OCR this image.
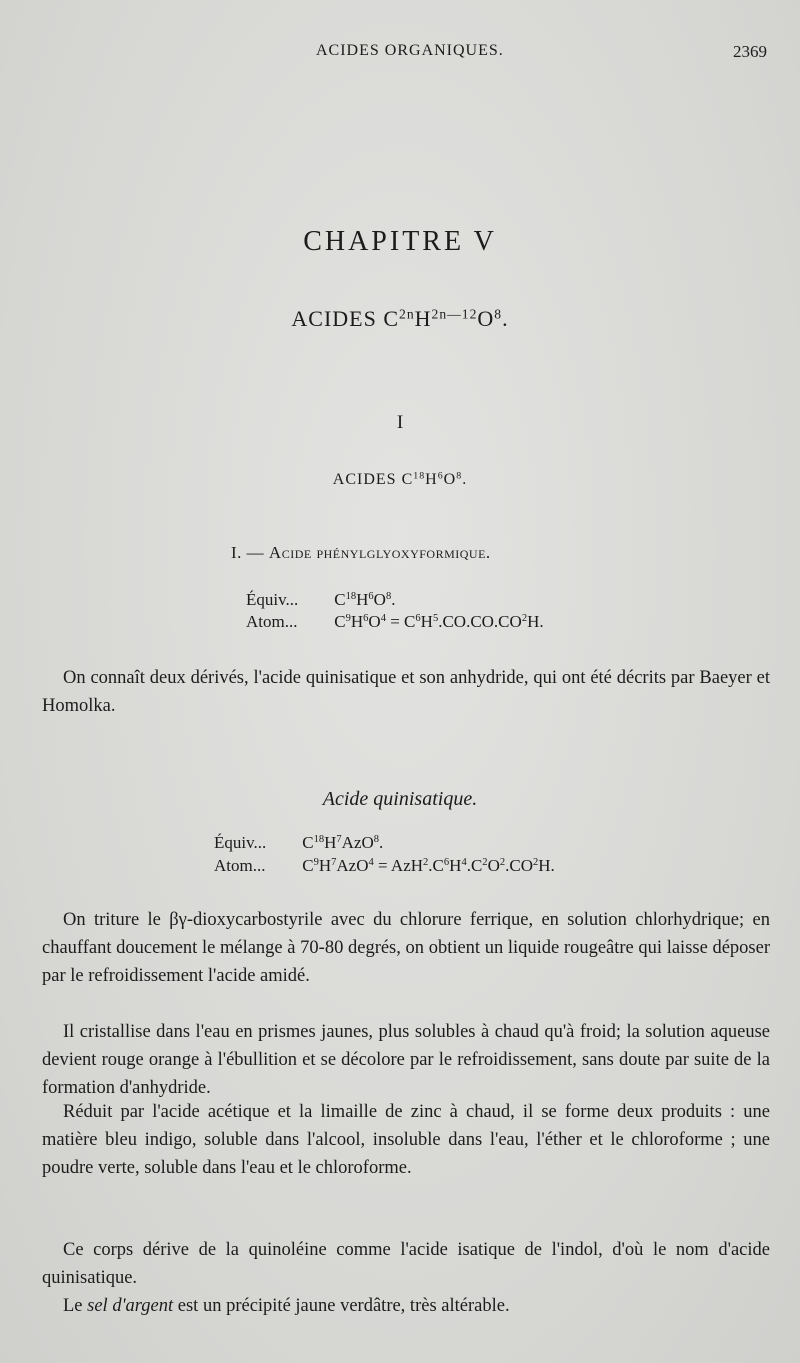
ACIDES ORGANIQUES.	2369
CHAPITRE V
ACIDES $C^{2n}H^{2n—12}O^8$.
I
ACIDES $C^{18}H^6O^8$.
I. — Acide phénylglyoxyformique.
Équiv... $C^{18}H^6O^8$.
Atom... $C^9H^6O^4 = C^6H^5.CO.CO.CO^2H$.
On connaît deux dérivés, l'acide quinisatique et son anhydride, qui ont été décrits par Baeyer et Homolka.
Acide quinisatique.
Équiv... $C^{18}H^7AzO^8$.
Atom... $C^9H^7AzO^4 = AzH^2.C^6H^4.C^2O^2.CO^2H$.
On triture le βγ-dioxycarbostyrile avec du chlorure ferrique, en solution chlorhydrique; en chauffant doucement le mélange à 70-80 degrés, on obtient un liquide rougeâtre qui laisse déposer par le refroidissement l'acide amidé.
Il cristallise dans l'eau en prismes jaunes, plus solubles à chaud qu'à froid; la solution aqueuse devient rouge orange à l'ébullition et se décolore par le refroidissement, sans doute par suite de la formation d'anhydride.
Réduit par l'acide acétique et la limaille de zinc à chaud, il se forme deux produits : une matière bleu indigo, soluble dans l'alcool, insoluble dans l'eau, l'éther et le chloroforme ; une poudre verte, soluble dans l'eau et le chloroforme.
Ce corps dérive de la quinoléine comme l'acide isatique de l'indol, d'où le nom d'acide quinisatique.
Le sel d'argent est un précipité jaune verdâtre, très altérable.
